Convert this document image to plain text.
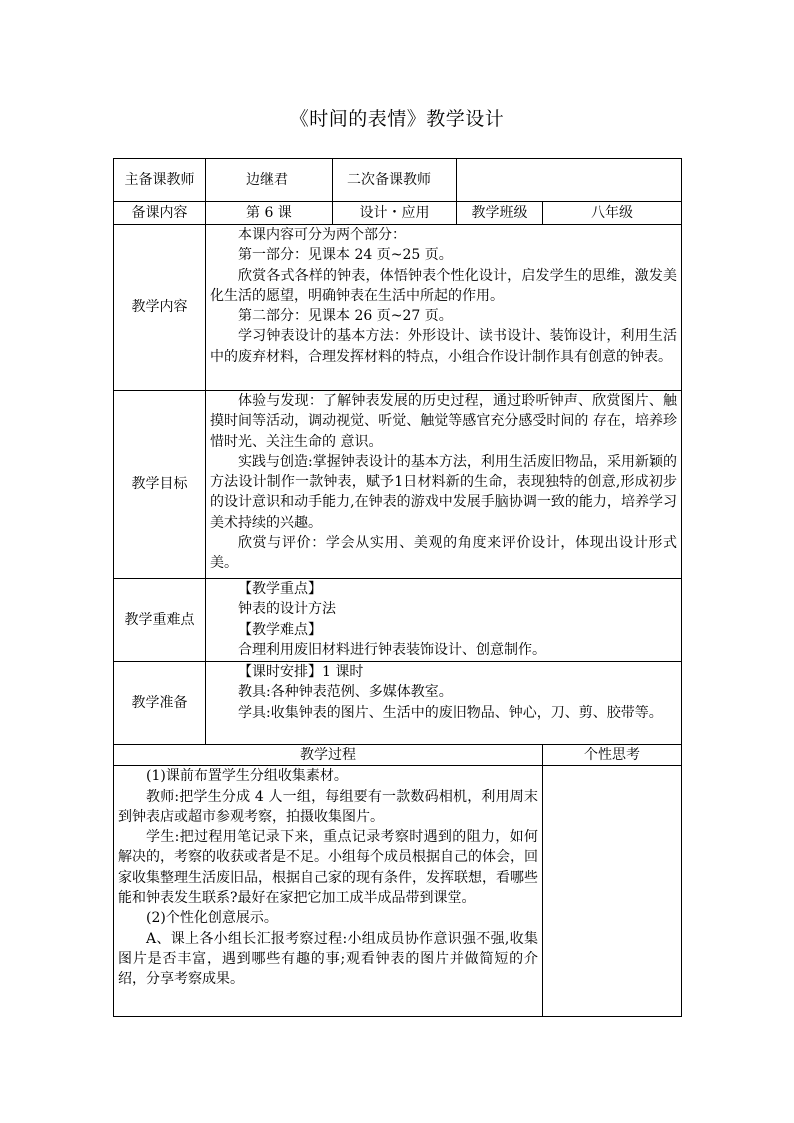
《时间的表情》教学设计
主备课教师	边继君	二次备课教师		
备课内容	第 6 课	设计・应用	教学班级	八年级
教学内容	本课内容可分为两个部分：

第一部分：见课本 24 页~25 页。

欣赏各式各样的钟表，体悟钟表个性化设计，启发学生的思维，激发美化生活的愿望，明确钟表在生活中所起的作用。

第二部分：见课本 26 页~27 页。

学习钟表设计的基本方法：外形设计、读书设计、装饰设计，利用生活中的废弃材料，合理发挥材料的特点，小组合作设计制作具有创意的钟表。			

教学目标	体验与发现：了解钟表发展的历史过程，通过聆听钟声、欣赏图片、触摸时间等活动，调动视觉、听觉、触觉等感官充分感受时间的 存在，培养珍惜时光、关注生命的 意识。

实践与创造:掌握钟表设计的基本方法，利用生活废旧物品，采用新颖的方法设计制作一款钟表，赋予1日材料新的生命，表现独特的创意,形成初步的设计意识和动手能力,在钟表的游戏中发展手脑协调一致的能力，培养学习美术持续的兴趣。

欣赏与评价：学会从实用、美观的角度来评价设计，体现出设计形式美。			

教学重难点	【教学重点】

钟表的设计方法

【教学难点】

合理利用废旧材料进行钟表装饰设计、创意制作。			

教学准备	【课时安排】1 课时

教具:各种钟表范例、多媒体教室。

学具:收集钟表的图片、生活中的废旧物品、钟心，刀、剪、胶带等。			

教学过程				个性思考

(1)课前布置学生分组收集素材。

教师:把学生分成 4 人一组，每组要有一款数码相机，利用周末到钟表店或超市参观考察，拍摄收集图片。

学生:把过程用笔记录下来，重点记录考察时遇到的阻力，如何解决的，考察的收获或者是不足。小组每个成员根据自己的体会，回家收集整理生活废旧品，根据自己家的现有条件，发挥联想，看哪些能和钟表发生联系?最好在家把它加工成半成品带到课堂。

(2)个性化创意展示。

A、课上各小组长汇报考察过程:小组成员协作意识强不强,收集图片是否丰富，遇到哪些有趣的事;观看钟表的图片并做简短的介绍，分享考察成果。				
